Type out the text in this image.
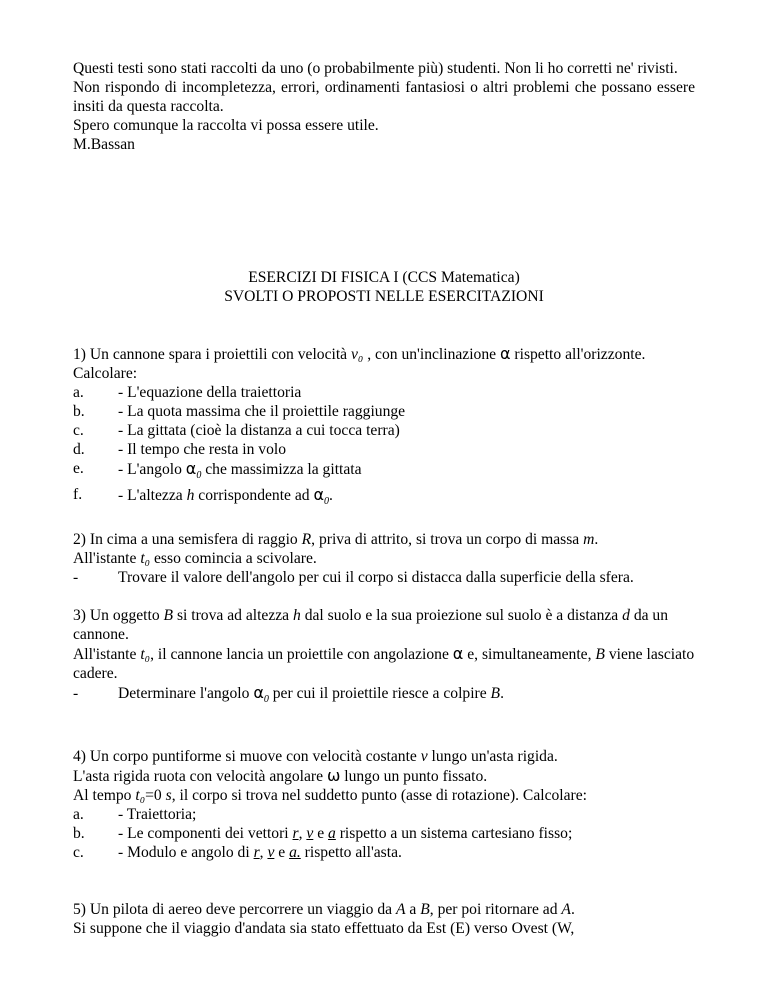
Questi testi sono stati raccolti da uno (o probabilmente più) studenti. Non li ho corretti ne' rivisti.

Non rispondo di incompletezza, errori, ordinamenti fantasiosi o altri problemi che possano essere insiti da questa raccolta.

Spero comunque la raccolta vi possa essere utile.

M.Bassan

ESERCIZI DI FISICA I (CCS Matematica)

SVOLTI O PROPOSTI NELLE ESERCITAZIONI

1) Un cannone spara i proiettili con velocità v₀ , con un'inclinazione α rispetto all'orizzonte. Calcolare:

a.	- L'equazione della traiettoria
b.	- La quota massima che il proiettile raggiunge
c.	- La gittata (cioè la distanza a cui tocca terra)
d.	- Il tempo che resta in volo
e.	- L'angolo $\alpha_0$ che massimizza la gittata
f.	- L'altezza h corrispondente ad $\alpha_0$.

2) In cima a una semisfera di raggio R, priva di attrito, si trova un corpo di massa m.

All'istante t₀ esso comincia a scivolare.

-	Trovare il valore dell'angolo per cui il corpo si distacca dalla superficie della sfera.

3) Un oggetto B si trova ad altezza h dal suolo e la sua proiezione sul suolo è a distanza d da un cannone.

All'istante t₀, il cannone lancia un proiettile con angolazione α e, simultaneamente, B viene lasciato cadere.

-	Determinare l'angolo $\alpha_0$ per cui il proiettile riesce a colpire B.

4) Un corpo puntiforme si muove con velocità costante v lungo un'asta rigida.

L'asta rigida ruota con velocità angolare ω lungo un punto fissato.

Al tempo t₀=0 s, il corpo si trova nel suddetto punto (asse di rotazione). Calcolare:

a.	- Traiettoria;
b.	- Le componenti dei vettori r, v e a rispetto a un sistema cartesiano fisso;
c.	- Modulo e angolo di r, v e a. rispetto all'asta.

5) Un pilota di aereo deve percorrere un viaggio da A a B, per poi ritornare ad A.

Si suppone che il viaggio d'andata sia stato effettuato da Est (E) verso Ovest (W,
